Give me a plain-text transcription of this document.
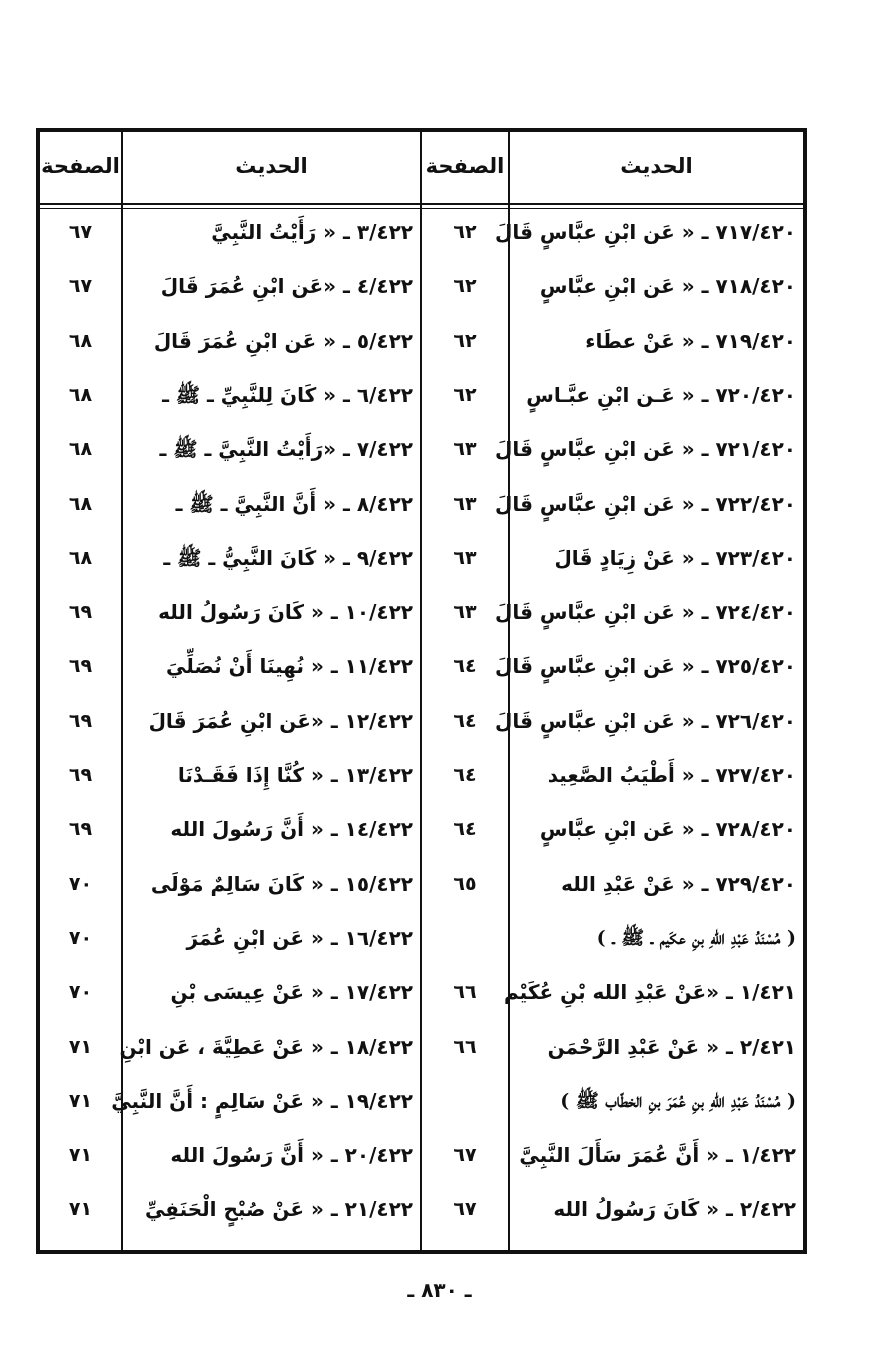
الحديث
الصفحة
الحديث
الصفحة
٧١٧/٤٢٠ ـ « عَن ابْنِ عبَّاسٍ قَالَ
٦٢
٧١٨/٤٢٠ ـ « عَن ابْنِ عبَّاسٍ
٦٢
٧١٩/٤٢٠ ـ « عَنْ عطَاء
٦٢
٧٢٠/٤٢٠ ـ « عَـن ابْنِ عبَّـاسٍ
٦٢
٧٢١/٤٢٠ ـ « عَن ابْنِ عبَّاسٍ قَالَ
٦٣
٧٢٢/٤٢٠ ـ « عَن ابْنِ عبَّاسٍ قَالَ
٦٣
٧٢٣/٤٢٠ ـ « عَنْ زِيَادٍ قَالَ
٦٣
٧٢٤/٤٢٠ ـ « عَن ابْنِ عبَّاسٍ قَالَ
٦٣
٧٢٥/٤٢٠ ـ « عَن ابْنِ عبَّاسٍ قَالَ
٦٤
٧٢٦/٤٢٠ ـ « عَن ابْنِ عبَّاسٍ قَالَ
٦٤
٧٢٧/٤٢٠ ـ « أَطْيَبُ الصَّعِيد
٦٤
٧٢٨/٤٢٠ ـ « عَن ابْنِ عبَّاسٍ
٦٤
٧٢٩/٤٢٠ ـ « عَنْ عَبْدِ الله
٦٥
( مُسْنَدُ عَبْدِ اللهِ بنِ عكَيم ـ ﷺ ـ )
١/٤٢١ ـ «عَنْ عَبْدِ الله بْنِ عُكَيْم
٦٦
٢/٤٢١ ـ « عَنْ عَبْدِ الرَّحْمَن
٦٦
( مُسْنَدُ عَبْدِ اللهِ بنِ عُمَرَ بنِ الخطّاب ﷺ )
١/٤٢٢ ـ « أَنَّ عُمَرَ سَأَلَ النَّبِيَّ
٦٧
٢/٤٢٢ ـ « كَانَ رَسُولُ الله
٦٧
٣/٤٢٢ ـ « رَأَيْتُ النَّبِيَّ
٦٧
٤/٤٢٢ ـ «عَن ابْنِ عُمَرَ قَالَ
٦٧
٥/٤٢٢ ـ « عَن ابْنِ عُمَرَ قَالَ
٦٨
٦/٤٢٢ ـ « كَانَ لِلنَّبِيِّ ـ ﷺ ـ
٦٨
٧/٤٢٢ ـ «رَأَيْتُ النَّبِيَّ ـ ﷺ ـ
٦٨
٨/٤٢٢ ـ « أَنَّ النَّبِيَّ ـ ﷺ ـ
٦٨
٩/٤٢٢ ـ « كَانَ النَّبِيُّ ـ ﷺ ـ
٦٨
١٠/٤٢٢ ـ « كَانَ رَسُولُ الله
٦٩
١١/٤٢٢ ـ « نُهِينَا أَنْ نُصَلِّيَ
٦٩
١٢/٤٢٢ ـ «عَن ابْنِ عُمَرَ قَالَ
٦٩
١٣/٤٢٢ ـ « كُنَّا إِذَا فَقَـدْنَا
٦٩
١٤/٤٢٢ ـ « أَنَّ رَسُولَ الله
٦٩
١٥/٤٢٢ ـ « كَانَ سَالِمٌ مَوْلَى
٧٠
١٦/٤٢٢ ـ « عَن ابْنِ عُمَرَ
٧٠
١٧/٤٢٢ ـ « عَنْ عِيسَى بْنِ
٧٠
١٨/٤٢٢ ـ « عَنْ عَطِيَّةَ ، عَن ابْنِ
٧١
١٩/٤٢٢ ـ « عَنْ سَالِمٍ : أَنَّ النَّبِيَّ
٧١
٢٠/٤٢٢ ـ « أَنَّ رَسُولَ الله
٧١
٢١/٤٢٢ ـ « عَنْ صُبْحٍ الْحَنَفِيِّ
٧١
ـ ٨٣٠ ـ
